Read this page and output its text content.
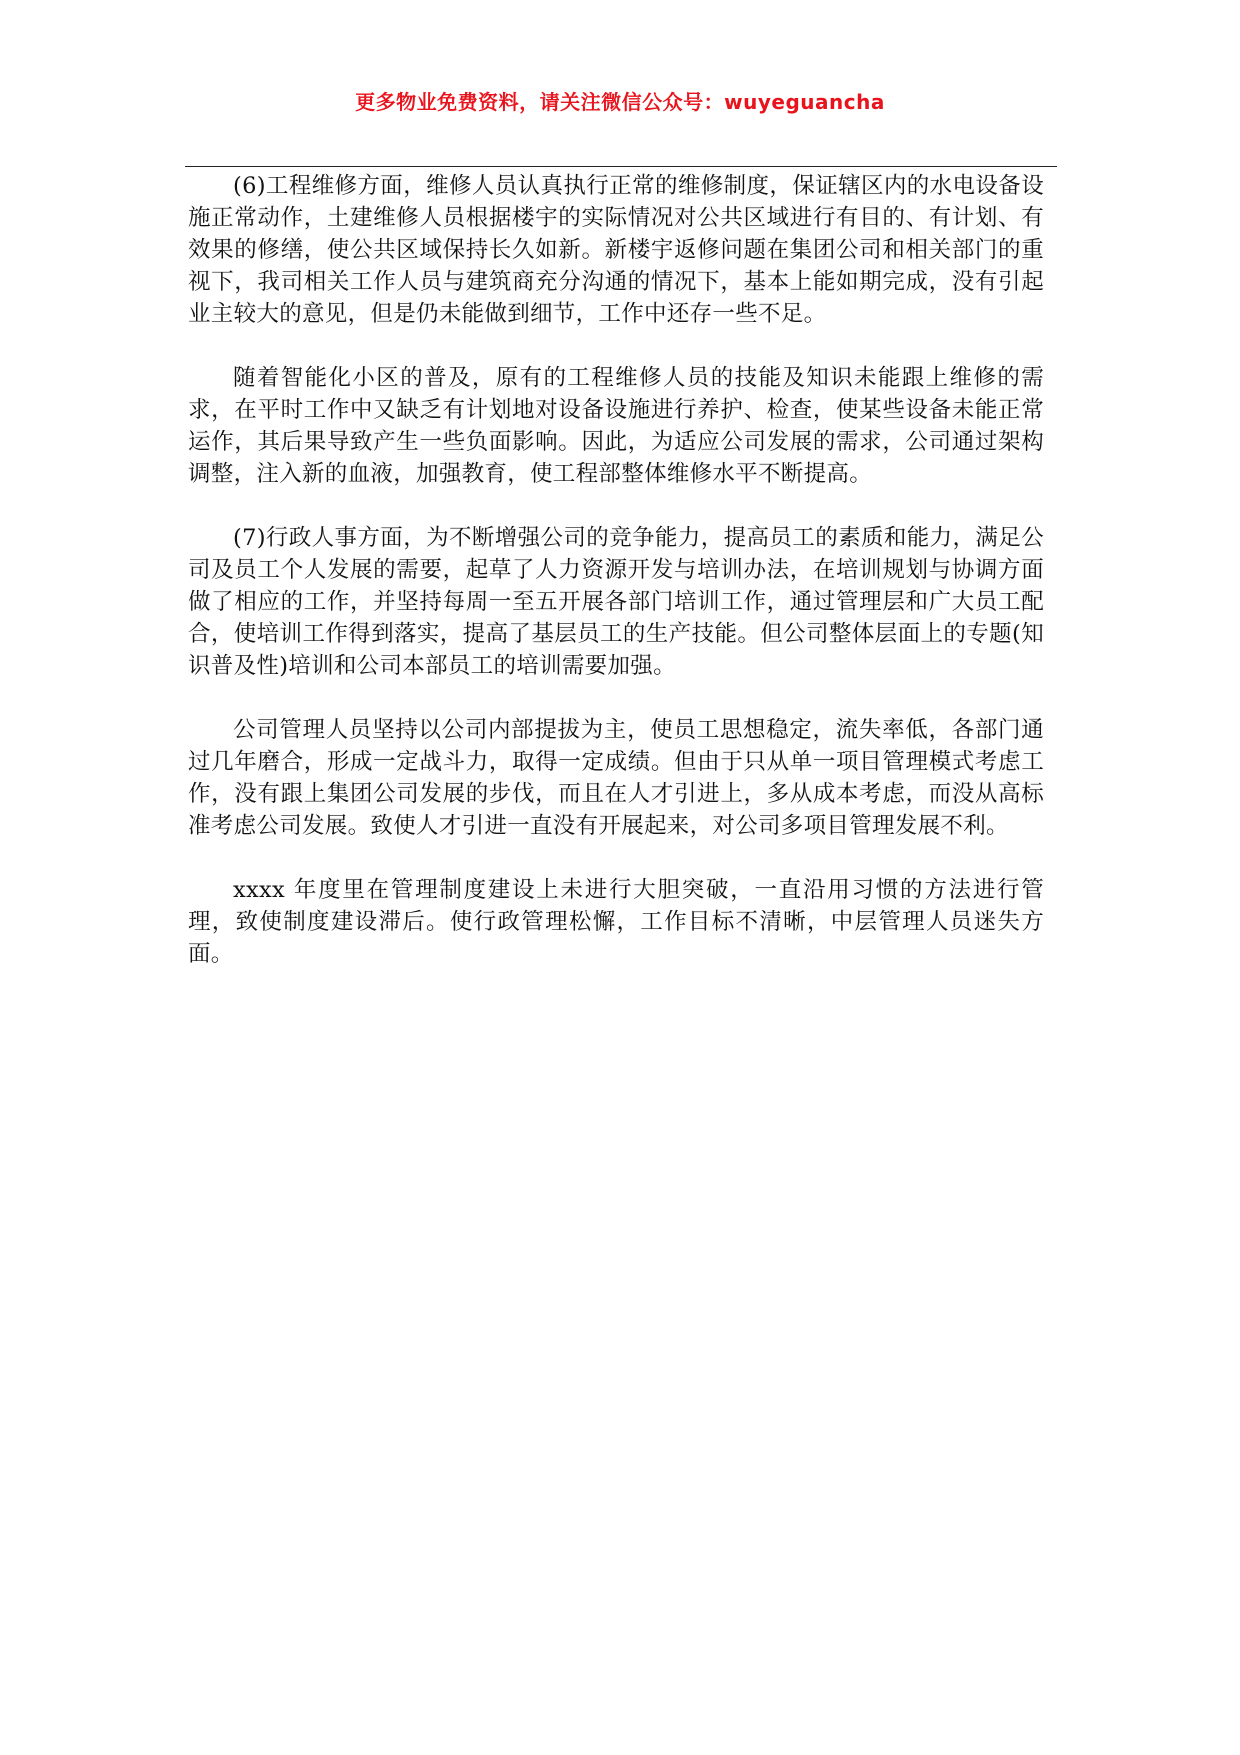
更多物业免费资料，请关注微信公众号：wuyeguancha

(6)工程维修方面，维修人员认真执行正常的维修制度，保证辖区内的水电设备设施正常动作，土建维修人员根据楼宇的实际情况对公共区域进行有目的、有计划、有效果的修缮，使公共区域保持长久如新。新楼宇返修问题在集团公司和相关部门的重视下，我司相关工作人员与建筑商充分沟通的情况下，基本上能如期完成，没有引起业主较大的意见，但是仍未能做到细节，工作中还存一些不足。

随着智能化小区的普及，原有的工程维修人员的技能及知识未能跟上维修的需求，在平时工作中又缺乏有计划地对设备设施进行养护、检查，使某些设备未能正常运作，其后果导致产生一些负面影响。因此，为适应公司发展的需求，公司通过架构调整，注入新的血液，加强教育，使工程部整体维修水平不断提高。

(7)行政人事方面，为不断增强公司的竞争能力，提高员工的素质和能力，满足公司及员工个人发展的需要，起草了人力资源开发与培训办法，在培训规划与协调方面做了相应的工作，并坚持每周一至五开展各部门培训工作，通过管理层和广大员工配合，使培训工作得到落实，提高了基层员工的生产技能。但公司整体层面上的专题(知识普及性)培训和公司本部员工的培训需要加强。

公司管理人员坚持以公司内部提拔为主，使员工思想稳定，流失率低，各部门通过几年磨合，形成一定战斗力，取得一定成绩。但由于只从单一项目管理模式考虑工作，没有跟上集团公司发展的步伐，而且在人才引进上，多从成本考虑，而没从高标准考虑公司发展。致使人才引进一直没有开展起来，对公司多项目管理发展不利。

xxxx 年度里在管理制度建设上未进行大胆突破，一直沿用习惯的方法进行管理，致使制度建设滞后。使行政管理松懈，工作目标不清晰，中层管理人员迷失方面。
